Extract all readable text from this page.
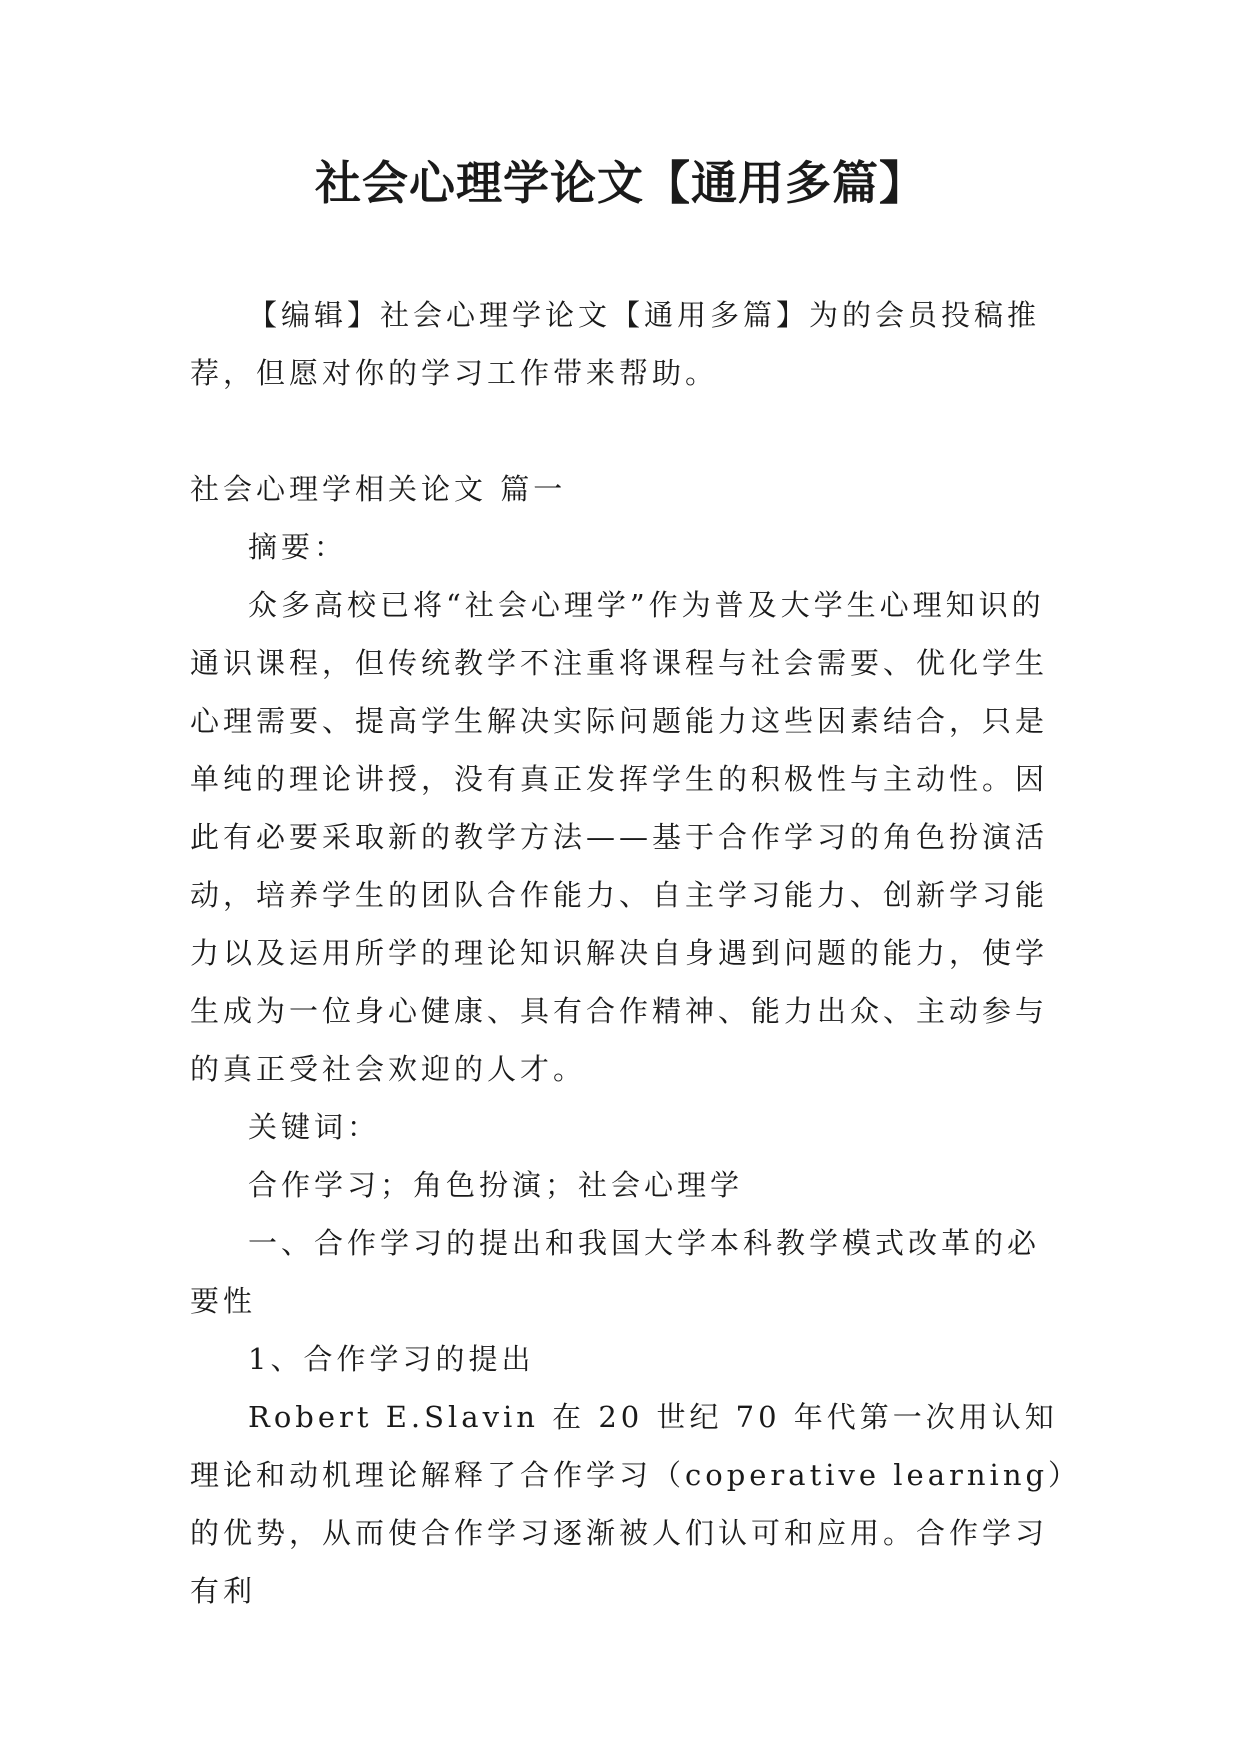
社会心理学论文【通用多篇】

【编辑】社会心理学论文【通用多篇】为的会员投稿推荐，但愿对你的学习工作带来帮助。

社会心理学相关论文 篇一

摘要：

众多高校已将“社会心理学”作为普及大学生心理知识的通识课程，但传统教学不注重将课程与社会需要、优化学生心理需要、提高学生解决实际问题能力这些因素结合，只是单纯的理论讲授，没有真正发挥学生的积极性与主动性。因此有必要采取新的教学方法——基于合作学习的角色扮演活动，培养学生的团队合作能力、自主学习能力、创新学习能力以及运用所学的理论知识解决自身遇到问题的能力，使学生成为一位身心健康、具有合作精神、能力出众、主动参与的真正受社会欢迎的人才。

关键词：

合作学习；角色扮演；社会心理学

一、合作学习的提出和我国大学本科教学模式改革的必要性

1、合作学习的提出

Robert E.Slavin 在 20 世纪 70 年代第一次用认知理论和动机理论解释了合作学习（coperative learning）的优势，从而使合作学习逐渐被人们认可和应用。合作学习有利
